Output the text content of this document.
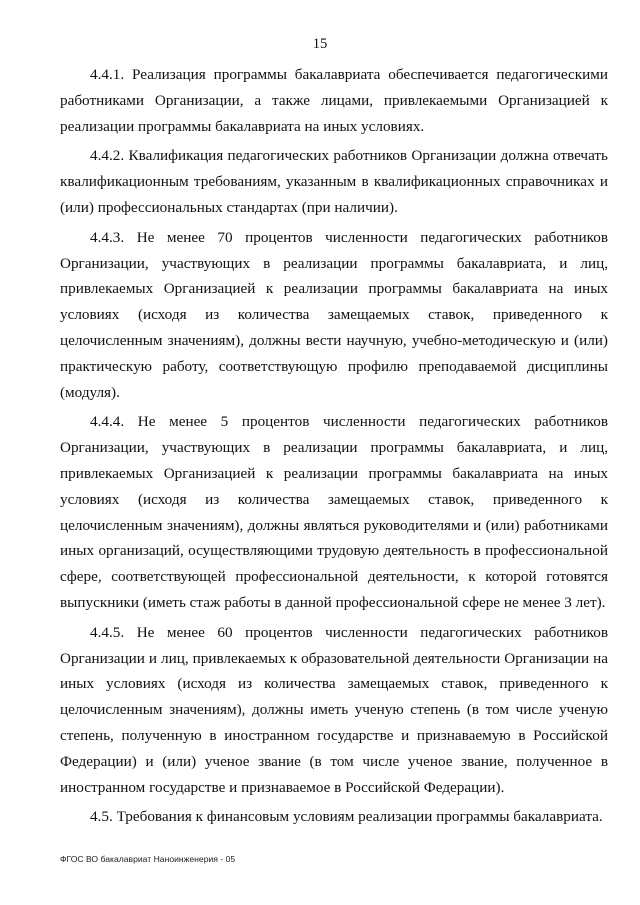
15

4.4.1. Реализация программы бакалавриата обеспечивается педагогическими работниками Организации, а также лицами, привлекаемыми Организацией к реализации программы бакалавриата на иных условиях.

4.4.2. Квалификация педагогических работников Организации должна отвечать квалификационным требованиям, указанным в квалификационных справочниках и (или) профессиональных стандартах (при наличии).

4.4.3. Не менее 70 процентов численности педагогических работников Организации, участвующих в реализации программы бакалавриата, и лиц, привлекаемых Организацией к реализации программы бакалавриата на иных условиях (исходя из количества замещаемых ставок, приведенного к целочисленным значениям), должны вести научную, учебно-методическую и (или) практическую работу, соответствующую профилю преподаваемой дисциплины (модуля).

4.4.4. Не менее 5 процентов численности педагогических работников Организации, участвующих в реализации программы бакалавриата, и лиц, привлекаемых Организацией к реализации программы бакалавриата на иных условиях (исходя из количества замещаемых ставок, приведенного к целочисленным значениям), должны являться руководителями и (или) работниками иных организаций, осуществляющими трудовую деятельность в профессиональной сфере, соответствующей профессиональной деятельности, к которой готовятся выпускники (иметь стаж работы в данной профессиональной сфере не менее 3 лет).

4.4.5. Не менее 60 процентов численности педагогических работников Организации и лиц, привлекаемых к образовательной деятельности Организации на иных условиях (исходя из количества замещаемых ставок, приведенного к целочисленным значениям), должны иметь ученую степень (в том числе ученую степень, полученную в иностранном государстве и признаваемую в Российской Федерации) и (или) ученое звание (в том числе ученое звание, полученное в иностранном государстве и признаваемое в Российской Федерации).

4.5. Требования к финансовым условиям реализации программы бакалавриата.

ФГОС ВО бакалавриат Наноинженерия - 05
